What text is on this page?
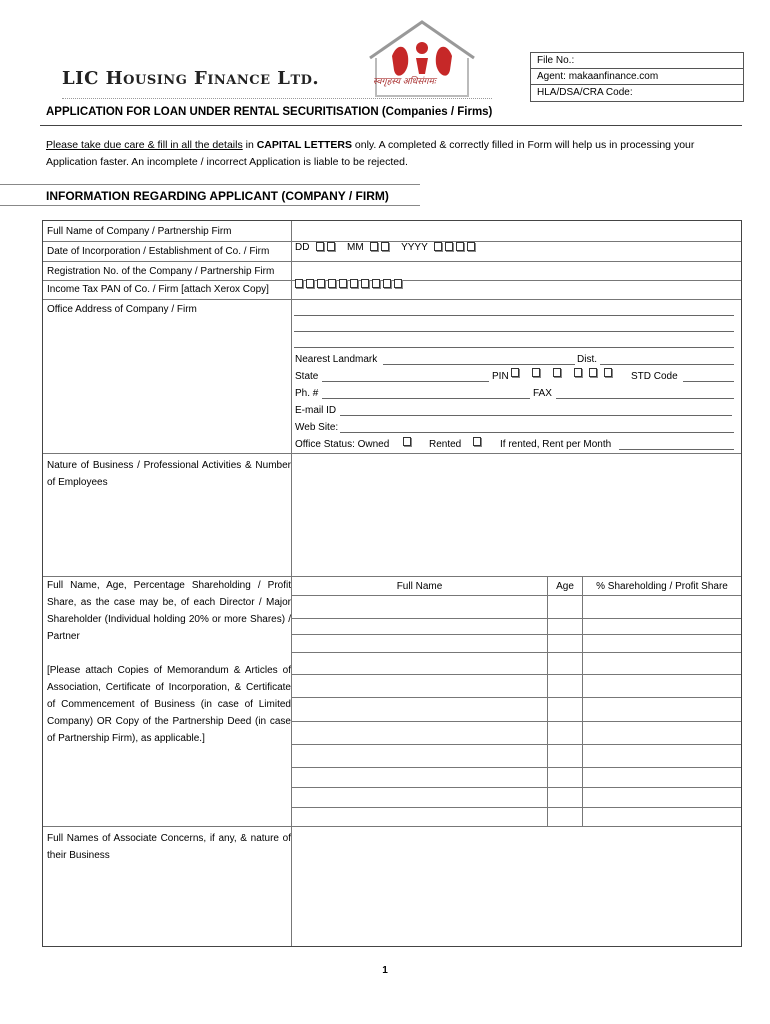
LIC Housing Finance Ltd.	स्वगृहस्य अधिसंगमः
File No.:
Agent: makaanfinance.com
HLA/DSA/CRA Code:
APPLICATION FOR LOAN UNDER RENTAL SECURITISATION (Companies / Firms)
Please take due care & fill in all the details in CAPITAL LETTERS only. A completed & correctly filled in Form will help us in processing your Application faster. An incomplete / incorrect Application is liable to be rejected.
INFORMATION REGARDING APPLICANT (COMPANY / FIRM)
Full Name of Company / Partnership Firm
Date of Incorporation / Establishment of Co. / Firm	DD	MM	YYYY
Registration No. of the Company / Partnership Firm
Income Tax PAN of Co. / Firm [attach Xerox Copy]
Office Address of Company / Firm
Nearest Landmark	Dist.
State	PIN	STD Code
Ph. #	FAX
E-mail ID
Web Site:
Office Status: Owned	Rented	If rented, Rent per Month
Nature of Business / Professional Activities & Number of Employees
Full Name, Age, Percentage Shareholding / Profit Share, as the case may be, of each Director / Major Shareholder (Individual holding 20% or more Shares) / Partner
[Please attach Copies of Memorandum & Articles of Association, Certificate of Incorporation, & Certificate of Commencement of Business (in case of Limited Company) OR Copy of the Partnership Deed (in case of Partnership Firm), as applicable.]
Full Name	Age	% Shareholding / Profit Share
Full Names of Associate Concerns, if any, & nature of their Business
1
